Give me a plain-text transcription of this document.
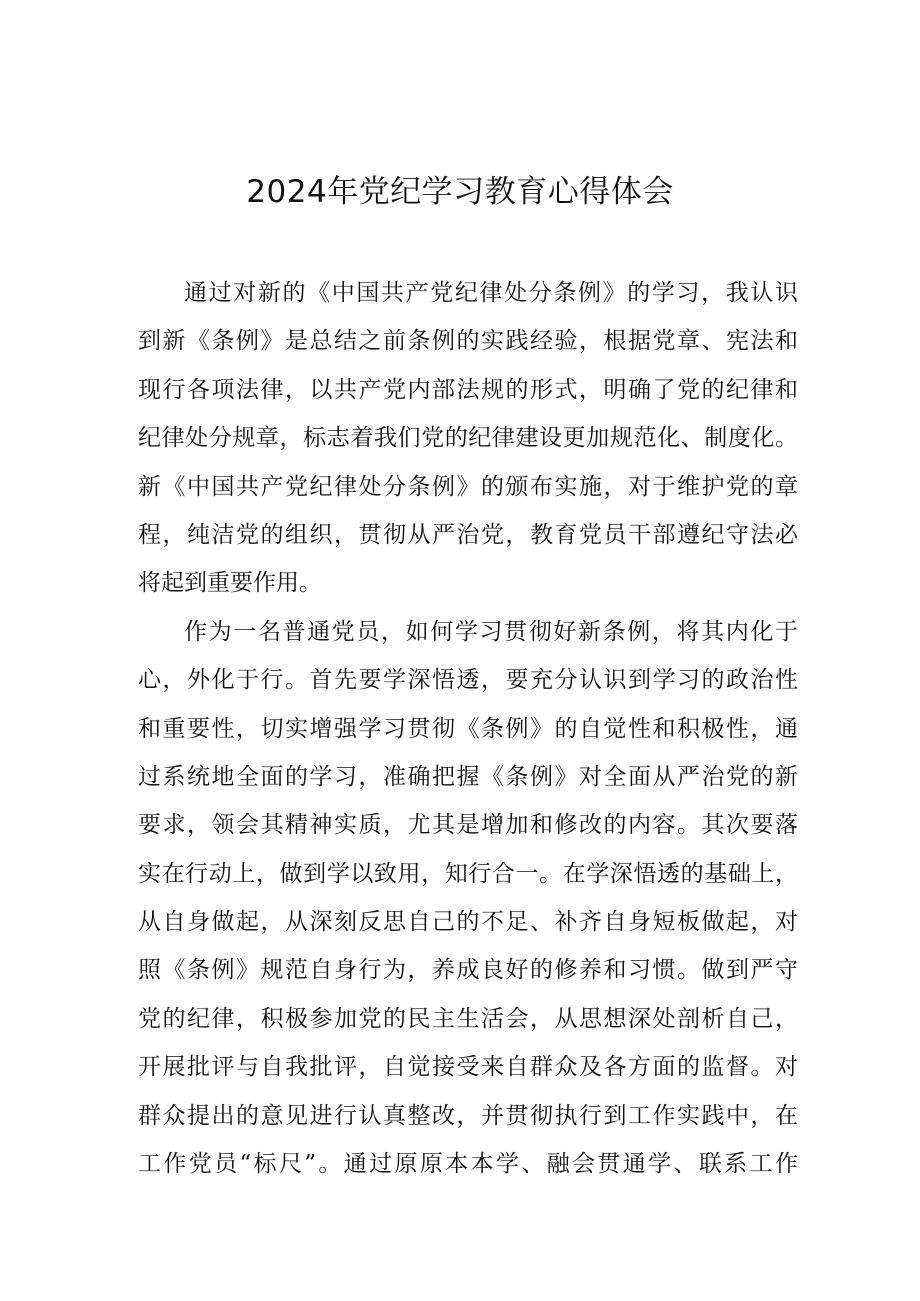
2024年党纪学习教育心得体会
通过对新的《中国共产党纪律处分条例》的学习，我认识
到新《条例》是总结之前条例的实践经验，根据党章、宪法和
现行各项法律，以共产党内部法规的形式，明确了党的纪律和
纪律处分规章，标志着我们党的纪律建设更加规范化、制度化。
新《中国共产党纪律处分条例》的颁布实施，对于维护党的章
程，纯洁党的组织，贯彻从严治党，教育党员干部遵纪守法必
将起到重要作用。
作为一名普通党员，如何学习贯彻好新条例，将其内化于
心，外化于行。首先要学深悟透，要充分认识到学习的政治性
和重要性，切实增强学习贯彻《条例》的自觉性和积极性，通
过系统地全面的学习，准确把握《条例》对全面从严治党的新
要求，领会其精神实质，尤其是增加和修改的内容。其次要落
实在行动上，做到学以致用，知行合一。在学深悟透的基础上，
从自身做起，从深刻反思自己的不足、补齐自身短板做起，对
照《条例》规范自身行为，养成良好的修养和习惯。做到严守
党的纪律，积极参加党的民主生活会，从思想深处剖析自己，
开展批评与自我批评，自觉接受来自群众及各方面的监督。对
群众提出的意见进行认真整改，并贯彻执行到工作实践中，在
工作党员“标尺”。通过原原本本学、融会贯通学、联系工作
